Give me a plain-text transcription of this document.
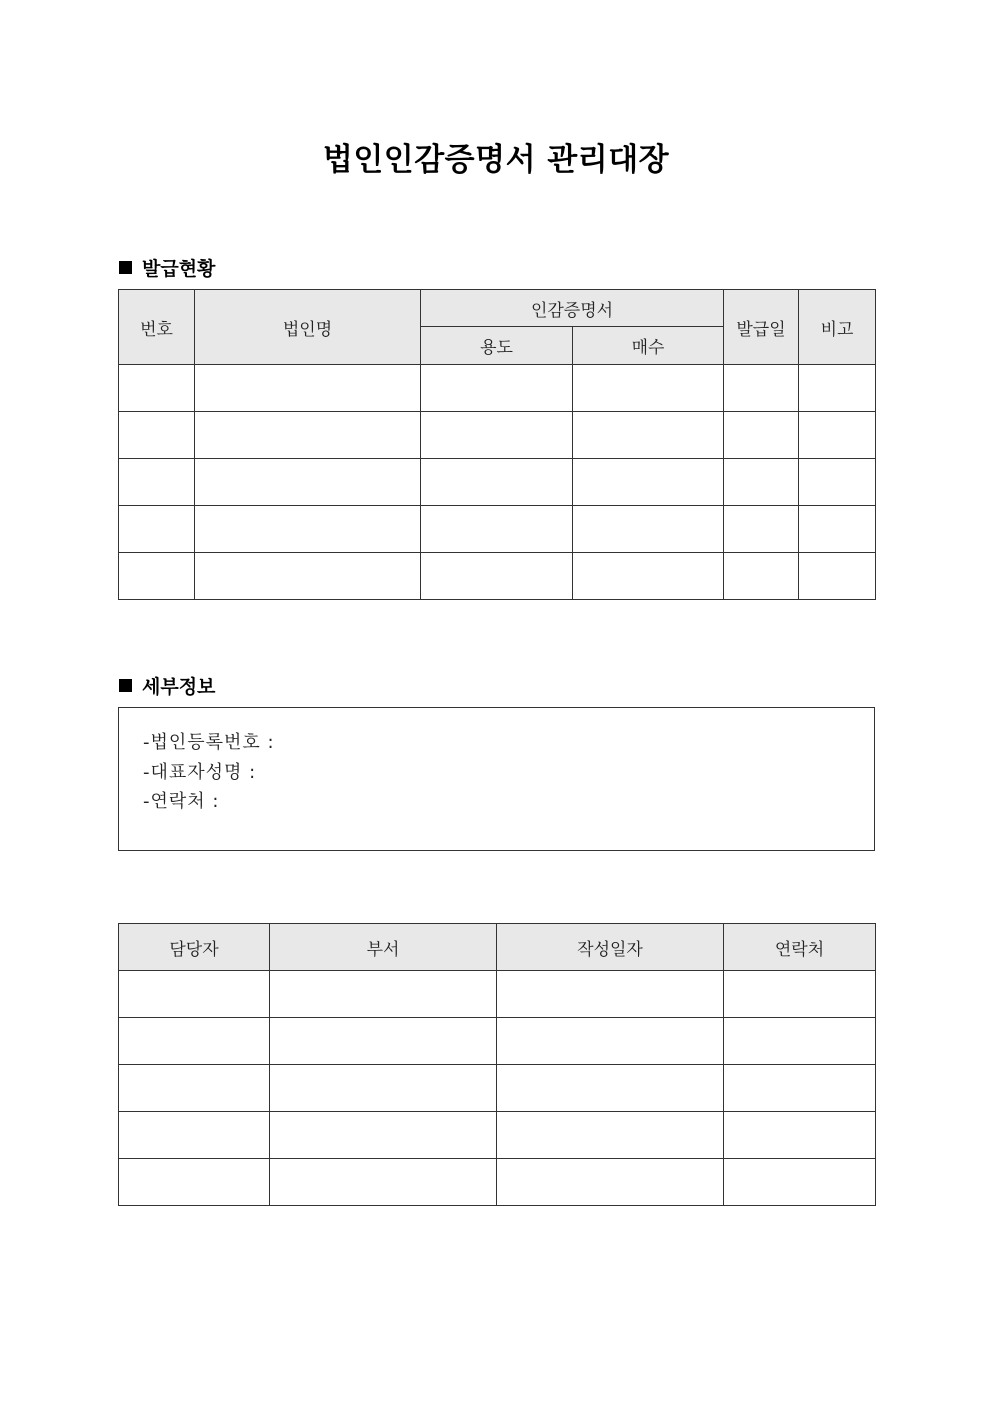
법인인감증명서 관리대장
발급현황
번호	법인명	인감증명서		발급일	비고
		용도	매수		

세부정보
-법인등록번호 :
-대표자성명 :
-연락처 :
담당자	부서	작성일자	연락처
